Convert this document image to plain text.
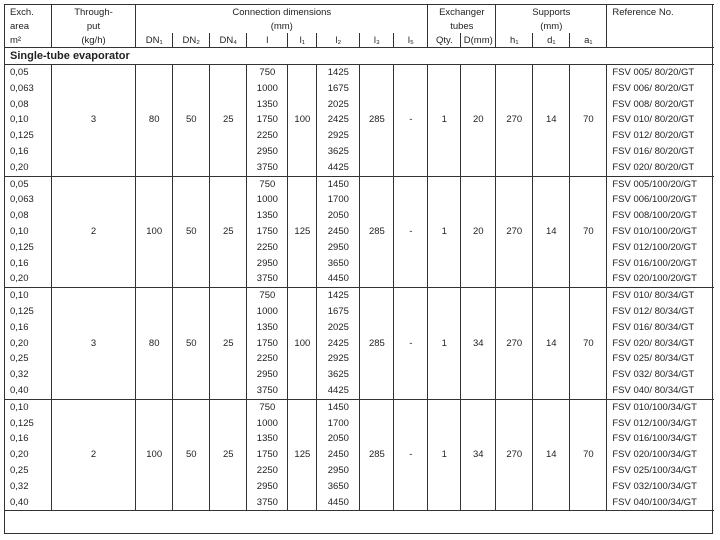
Exch.	Through-	Connection dimensions								Exchanger		Supports			Reference No.
area	put	(mm)								tubes		(mm)			
m²	(kg/h)	DN₁	DN₂	DN₄	l	l₁	l₂	l₃	l₅	Qty.	D(mm)	h₁	d₁	a₁	
Single-tube evaporator															
0,05					750		1425								FSV 005/ 80/20/GT
0,063					1000		1675								FSV 006/ 80/20/GT
0,08					1350		2025								FSV 008/ 80/20/GT
0,10	3	80	50	25	1750	100	2425	285	-	1	20	270	14	70	FSV 010/ 80/20/GT
0,125					2250		2925								FSV 012/ 80/20/GT
0,16					2950		3625								FSV 016/ 80/20/GT
0,20					3750		4425								FSV 020/ 80/20/GT
0,05					750		1450								FSV 005/100/20/GT
0,063					1000		1700								FSV 006/100/20/GT
0,08					1350		2050								FSV 008/100/20/GT
0,10	2	100	50	25	1750	125	2450	285	-	1	20	270	14	70	FSV 010/100/20/GT
0,125					2250		2950								FSV 012/100/20/GT
0,16					2950		3650								FSV 016/100/20/GT
0,20					3750		4450								FSV 020/100/20/GT
0,10					750		1425								FSV 010/ 80/34/GT
0,125					1000		1675								FSV 012/ 80/34/GT
0,16					1350		2025								FSV 016/ 80/34/GT
0,20	3	80	50	25	1750	100	2425	285	-	1	34	270	14	70	FSV 020/ 80/34/GT
0,25					2250		2925								FSV 025/ 80/34/GT
0,32					2950		3625								FSV 032/ 80/34/GT
0,40					3750		4425								FSV 040/ 80/34/GT
0,10					750		1450								FSV 010/100/34/GT
0,125					1000		1700								FSV 012/100/34/GT
0,16					1350		2050								FSV 016/100/34/GT
0,20	2	100	50	25	1750	125	2450	285	-	1	34	270	14	70	FSV 020/100/34/GT
0,25					2250		2950								FSV 025/100/34/GT
0,32					2950		3650								FSV 032/100/34/GT
0,40					3750		4450								FSV 040/100/34/GT
